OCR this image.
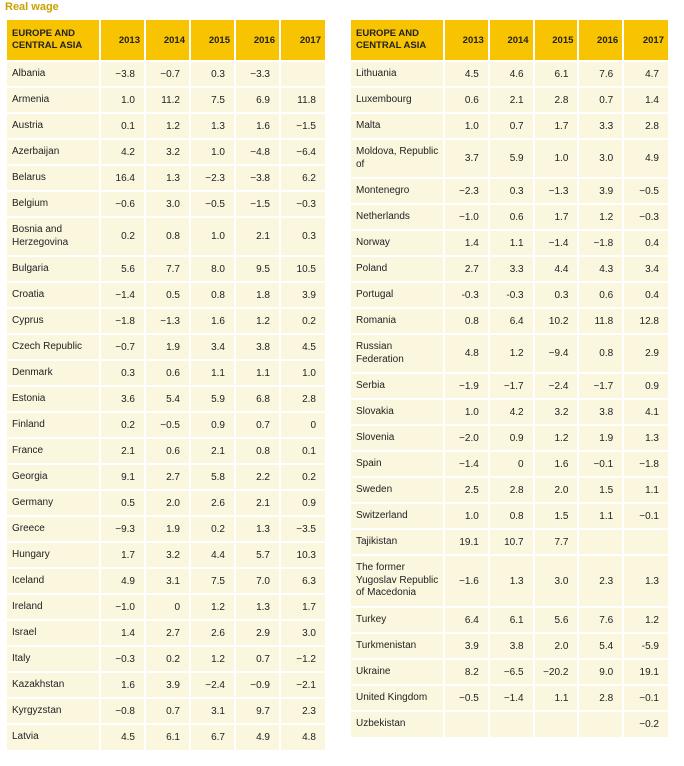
Real wage
EUROPE AND CENTRAL ASIA	2013	2014	2015	2016	2017
Albania	−3.8	−0.7	0.3	−3.3	
Armenia	1.0	11.2	7.5	6.9	11.8
Austria	0.1	1.2	1.3	1.6	−1.5
Azerbaijan	4.2	3.2	1.0	−4.8	−6.4
Belarus	16.4	1.3	−2.3	−3.8	6.2
Belgium	−0.6	3.0	−0.5	−1.5	−0.3
Bosnia and Herzegovina	0.2	0.8	1.0	2.1	0.3
Bulgaria	5.6	7.7	8.0	9.5	10.5
Croatia	−1.4	0.5	0.8	1.8	3.9
Cyprus	−1.8	−1.3	1.6	1.2	0.2
Czech Republic	−0.7	1.9	3.4	3.8	4.5
Denmark	0.3	0.6	1.1	1.1	1.0
Estonia	3.6	5.4	5.9	6.8	2.8
Finland	0.2	−0.5	0.9	0.7	0
France	2.1	0.6	2.1	0.8	0.1
Georgia	9.1	2.7	5.8	2.2	0.2
Germany	0.5	2.0	2.6	2.1	0.9
Greece	−9.3	1.9	0.2	1.3	−3.5
Hungary	1.7	3.2	4.4	5.7	10.3
Iceland	4.9	3.1	7.5	7.0	6.3
Ireland	−1.0	0	1.2	1.3	1.7
Israel	1.4	2.7	2.6	2.9	3.0
Italy	−0.3	0.2	1.2	0.7	−1.2
Kazakhstan	1.6	3.9	−2.4	−0.9	−2.1
Kyrgyzstan	−0.8	0.7	3.1	9.7	2.3
Latvia	4.5	6.1	6.7	4.9	4.8
EUROPE AND CENTRAL ASIA	2013	2014	2015	2016	2017
Lithuania	4.5	4.6	6.1	7.6	4.7
Luxembourg	0.6	2.1	2.8	0.7	1.4
Malta	1.0	0.7	1.7	3.3	2.8
Moldova, Republic of	3.7	5.9	1.0	3.0	4.9
Montenegro	−2.3	0.3	−1.3	3.9	−0.5
Netherlands	−1.0	0.6	1.7	1.2	−0.3
Norway	1.4	1.1	−1.4	−1.8	0.4
Poland	2.7	3.3	4.4	4.3	3.4
Portugal	-0.3	-0.3	0.3	0.6	0.4
Romania	0.8	6.4	10.2	11.8	12.8
Russian Federation	4.8	1.2	−9.4	0.8	2.9
Serbia	−1.9	−1.7	−2.4	−1.7	0.9
Slovakia	1.0	4.2	3.2	3.8	4.1
Slovenia	−2.0	0.9	1.2	1.9	1.3
Spain	−1.4	0	1.6	−0.1	−1.8
Sweden	2.5	2.8	2.0	1.5	1.1
Switzerland	1.0	0.8	1.5	1.1	−0.1
Tajikistan	19.1	10.7	7.7		
The former Yugoslav Republic of Macedonia	−1.6	1.3	3.0	2.3	1.3
Turkey	6.4	6.1	5.6	7.6	1.2
Turkmenistan	3.9	3.8	2.0	5.4	-5.9
Ukraine	8.2	−6.5	−20.2	9.0	19.1
United Kingdom	−0.5	−1.4	1.1	2.8	−0.1
Uzbekistan					−0.2
